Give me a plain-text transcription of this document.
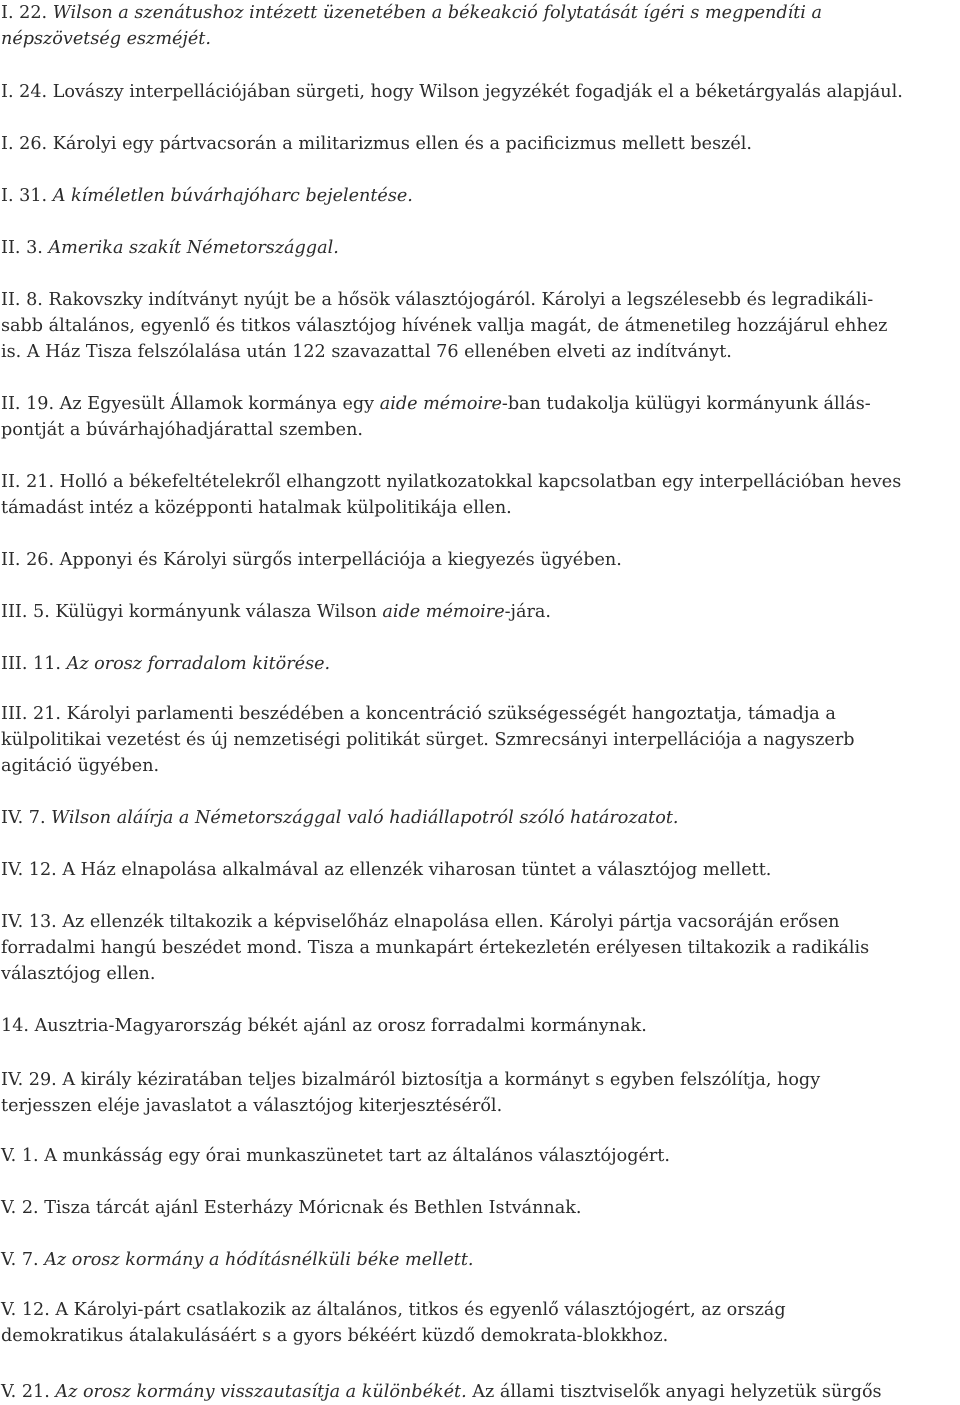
I. 22. Wilson a szenátushoz intézett üzenetében a békeakció folytatását ígéri s megpendíti a
népszövetség eszméjét.

I. 24. Lovászy interpellációjában sürgeti, hogy Wilson jegyzékét fogadják el a béketárgyalás alapjául.

I. 26. Károlyi egy pártvacsorán a militarizmus ellen és a pacificizmus mellett beszél.

I. 31. A kíméletlen búvárhajóharc bejelentése.

II. 3. Amerika szakít Németországgal.

II. 8. Rakovszky indítványt nyújt be a hősök választójogáról. Károlyi a legszélesebb és legradikáli-
sabb általános, egyenlő és titkos választójog hívének vallja magát, de átmenetileg hozzájárul ehhez
is. A Ház Tisza felszólalása után 122 szavazattal 76 ellenében elveti az indítványt.

II. 19. Az Egyesült Államok kormánya egy aide mémoire-ban tudakolja külügyi kormányunk állás-
pontját a búvárhajóhadjárattal szemben.

II. 21. Holló a békefeltételekről elhangzott nyilatkozatokkal kapcsolatban egy interpellációban heves
támadást intéz a középponti hatalmak külpolitikája ellen.

II. 26. Apponyi és Károlyi sürgős interpellációja a kiegyezés ügyében.

III. 5. Külügyi kormányunk válasza Wilson aide mémoire-jára.

III. 11. Az orosz forradalom kitörése.

III. 21. Károlyi parlamenti beszédében a koncentráció szükségességét hangoztatja, támadja a
külpolitikai vezetést és új nemzetiségi politikát sürget. Szmrecsányi interpellációja a nagyszerb
agitáció ügyében.

IV. 7. Wilson aláírja a Németországgal való hadiállapotról szóló határozatot.

IV. 12. A Ház elnapolása alkalmával az ellenzék viharosan tüntet a választójog mellett.

IV. 13. Az ellenzék tiltakozik a képviselőház elnapolása ellen. Károlyi pártja vacsoráján erősen
forradalmi hangú beszédet mond. Tisza a munkapárt értekezletén erélyesen tiltakozik a radikális
választójog ellen.

14. Ausztria-Magyarország békét ajánl az orosz forradalmi kormánynak.

IV. 29. A király kéziratában teljes bizalmáról biztosítja a kormányt s egyben felszólítja, hogy
terjesszen eléje javaslatot a választójog kiterjesztéséről.

V. 1. A munkásság egy órai munkaszünetet tart az általános választójogért.

V. 2. Tisza tárcát ajánl Esterházy Móricnak és Bethlen Istvánnak.

V. 7. Az orosz kormány a hódításnélküli béke mellett.

V. 12. A Károlyi-párt csatlakozik az általános, titkos és egyenlő választójogért, az ország
demokratikus átalakulásáért s a gyors békéért küzdő demokrata-blokkhoz.

V. 21. Az orosz kormány visszautasítja a különbékét. Az állami tisztviselők anyagi helyzetük sürgős
